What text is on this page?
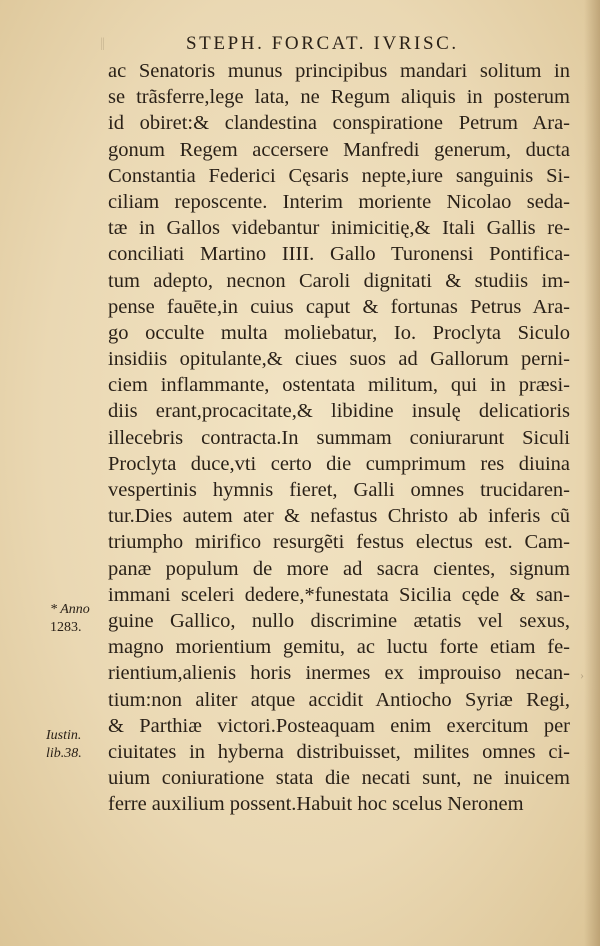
‖	STEPH. FORCAT. IVRISC.
ac Senatoris munus principibus mandari solitum in
se trãsferre,lege lata, ne Regum aliquis in posterum
id obiret:& clandestina conspiratione Petrum Ara-
gonum Regem accersere Manfredi generum, ducta
Constantia Federici Cęsaris nepte,iure sanguinis Si-
ciliam reposcente. Interim moriente Nicolao seda-
tæ in Gallos videbantur inimicitię,& Itali Gallis re-
conciliati Martino IIII. Gallo Turonensi Pontifica-
tum adepto, necnon Caroli dignitati & studiis im-
pense fauēte,in cuius caput & fortunas Petrus Ara-
go occulte multa moliebatur, Io. Proclyta Siculo
insidiis opitulante,& ciues suos ad Gallorum perni-
ciem inflammante, ostentata militum, qui in præsi-
diis erant,procacitate,& libidine insulę delicatioris
illecebris contracta.In summam coniurarunt Siculi
Proclyta duce,vti certo die cumprimum res diuina
vespertinis hymnis fieret, Galli omnes trucidaren-
tur.Dies autem ater & nefastus Christo ab inferis cũ
triumpho mirifico resurgẽti festus electus est. Cam-
panæ populum de more ad sacra cientes, signum
immani sceleri dedere,*funestata Sicilia cęde & san-
guine Gallico, nullo discrimine ætatis vel sexus,
magno morientium gemitu, ac luctu forte etiam fe-
rientium,alienis horis inermes ex improuiso necan-
tium:non aliter atque accidit Antiocho Syriæ Regi,
& Parthiæ victori.Posteaquam enim exercitum per
ciuitates in hyberna distribuisset, milites omnes ci-
uium coniuratione stata die necati sunt, ne inuicem
ferre auxilium possent.Habuit hoc scelus Neronem
* Anno
1283.
Iustin.
lib.38.
›
